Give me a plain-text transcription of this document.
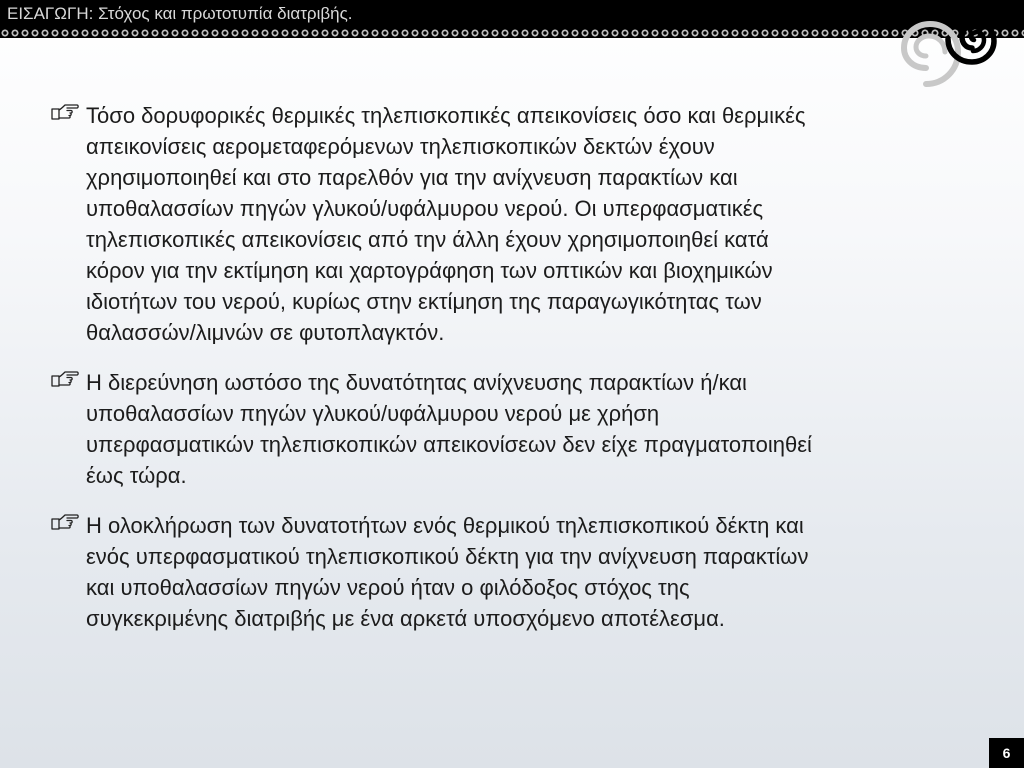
ΕΙΣΑΓΩΓΗ: Στόχος και πρωτοτυπία διατριβής.
Τόσο δορυφορικές θερμικές τηλεπισκοπικές απεικονίσεις όσο και θερμικές
απεικονίσεις αερομεταφερόμενων τηλεπισκοπικών δεκτών έχουν
χρησιμοποιηθεί και στο παρελθόν για την ανίχνευση παρακτίων και
υποθαλασσίων πηγών γλυκού/υφάλμυρου νερού. Οι υπερφασματικές
τηλεπισκοπικές απεικονίσεις από την άλλη έχουν χρησιμοποιηθεί κατά
κόρον για την εκτίμηση και χαρτογράφηση των οπτικών και βιοχημικών
ιδιοτήτων του νερού, κυρίως στην εκτίμηση της παραγωγικότητας των
θαλασσών/λιμνών σε φυτοπλαγκτόν.
Η διερεύνηση ωστόσο της δυνατότητας ανίχνευσης παρακτίων ή/και
υποθαλασσίων πηγών γλυκού/υφάλμυρου νερού με χρήση
υπερφασματικών τηλεπισκοπικών απεικονίσεων δεν είχε πραγματοποιηθεί
έως τώρα.
Η ολοκλήρωση των δυνατοτήτων ενός θερμικού τηλεπισκοπικού δέκτη και
ενός υπερφασματικού τηλεπισκοπικού δέκτη για την ανίχνευση παρακτίων
και υποθαλασσίων πηγών νερού ήταν ο φιλόδοξος στόχος της
συγκεκριμένης διατριβής με ένα αρκετά υποσχόμενο αποτέλεσμα.
6
